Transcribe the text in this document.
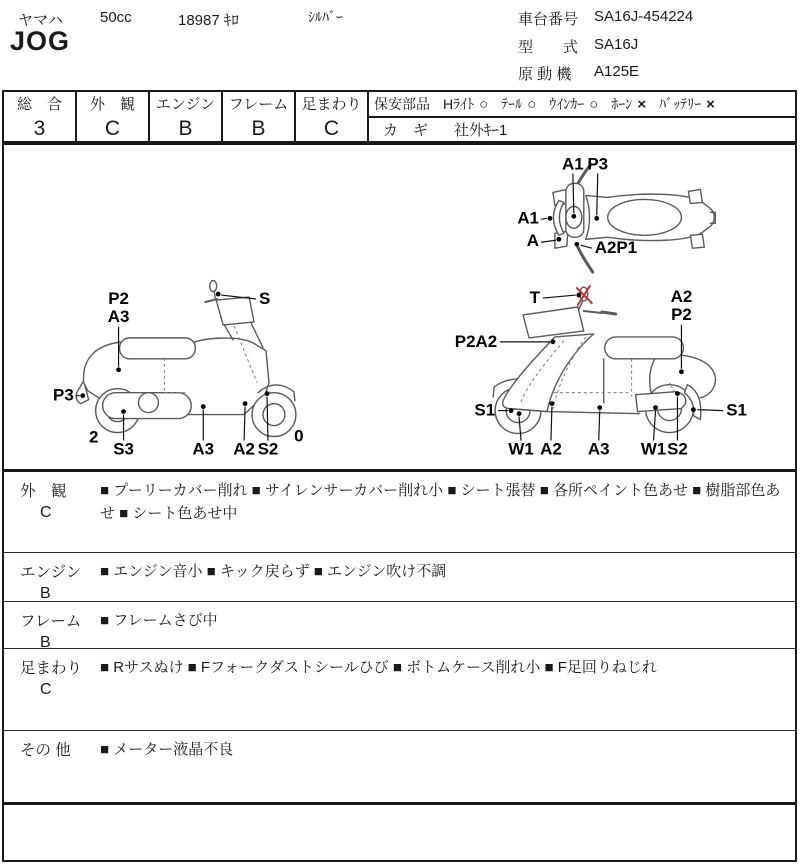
ヤマハ 50cc	18987 ｷﾛ	ｼﾙﾊﾞｰ
JOG
車台番号	SA16J-454224
型　　式	SA16J
原 動 機	A125E
総　合
3
外　観
C
エンジン
B
フレーム
B
足まわり
C
保安部品 Hﾗｲﾄ ○ ﾃｰﾙ ○ ｳｲﾝｶｰ ○ ﾎｰﾝ × ﾊﾞｯﾃﾘｰ ×
カ　ギ 社外ｷｰ1
A1 P3
A1
A	A2P1
P2
A3
S
P3
2
S3	A3 A2 S2
0
T	A2
P2
P2A2
S1	S1
W1 A2 A3 W1 S2
外　観
C
■ プーリーカバー削れ ■ サイレンサーカバー削れ小 ■ シート張替 ■ 各所ペイント色あせ ■ 樹脂部色あせ ■ シート色あせ中
エンジン
B
■ エンジン音小 ■ キック戻らず ■ エンジン吹け不調
フレーム
B
■ フレームさび中
足まわり
C
■ Rサスぬけ ■ Fフォークダストシールひび ■ ボトムケース削れ小 ■ F足回りねじれ
その 他	■ メーター液晶不良
